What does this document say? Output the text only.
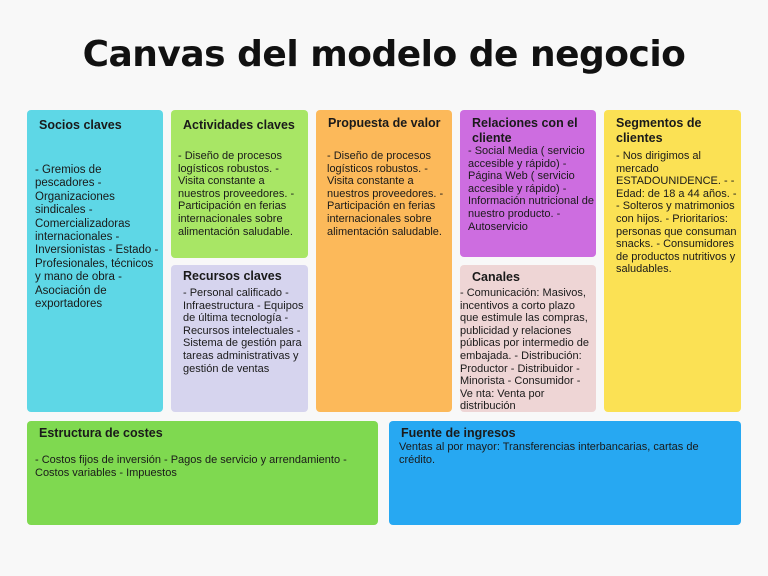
Canvas del modelo de negocio
Socios claves
- Gremios de pescadores - Organizaciones sindicales - Comercializadoras internacionales - Inversionistas - Estado - Profesionales, técnicos y mano de obra - Asociación de exportadores
Actividades claves
- Diseño de procesos logísticos robustos. - Visita constante a nuestros proveedores. - Participación en ferias internacionales sobre alimentación saludable.
Recursos claves
- Personal calificado - Infraestructura - Equipos de última tecnología - Recursos intelectuales - Sistema de gestión para tareas administrativas y gestión de ventas
Propuesta de valor
- Diseño de procesos logísticos robustos. - Visita constante a nuestros proveedores. - Participación en ferias internacionales sobre alimentación saludable.
Relaciones con el cliente
- Social Media ( servicio accesible y rápido) - Página Web ( servicio accesible y rápido) - Información nutricional de nuestro producto. - Autoservicio
Canales
- Comunicación: Masivos, incentivos a corto plazo que estimule las compras, publicidad y relaciones públicas por intermedio de embajada. - Distribución: Productor - Distribuidor - Minorista - Consumidor - Ve nta: Venta por distribución
Segmentos de clientes
- Nos dirigimos al mercado ESTADOUNIDENCE. - - Edad: de 18 a 44 años. - - Solteros y matrimonios con hijos. - Prioritarios: personas que consuman snacks. - Consumidores de productos nutritivos y saludables.
Estructura de costes
- Costos fijos de inversión - Pagos de servicio y arrendamiento - Costos variables - Impuestos
Fuente de ingresos
Ventas al por mayor: Transferencias interbancarias, cartas de crédito.
